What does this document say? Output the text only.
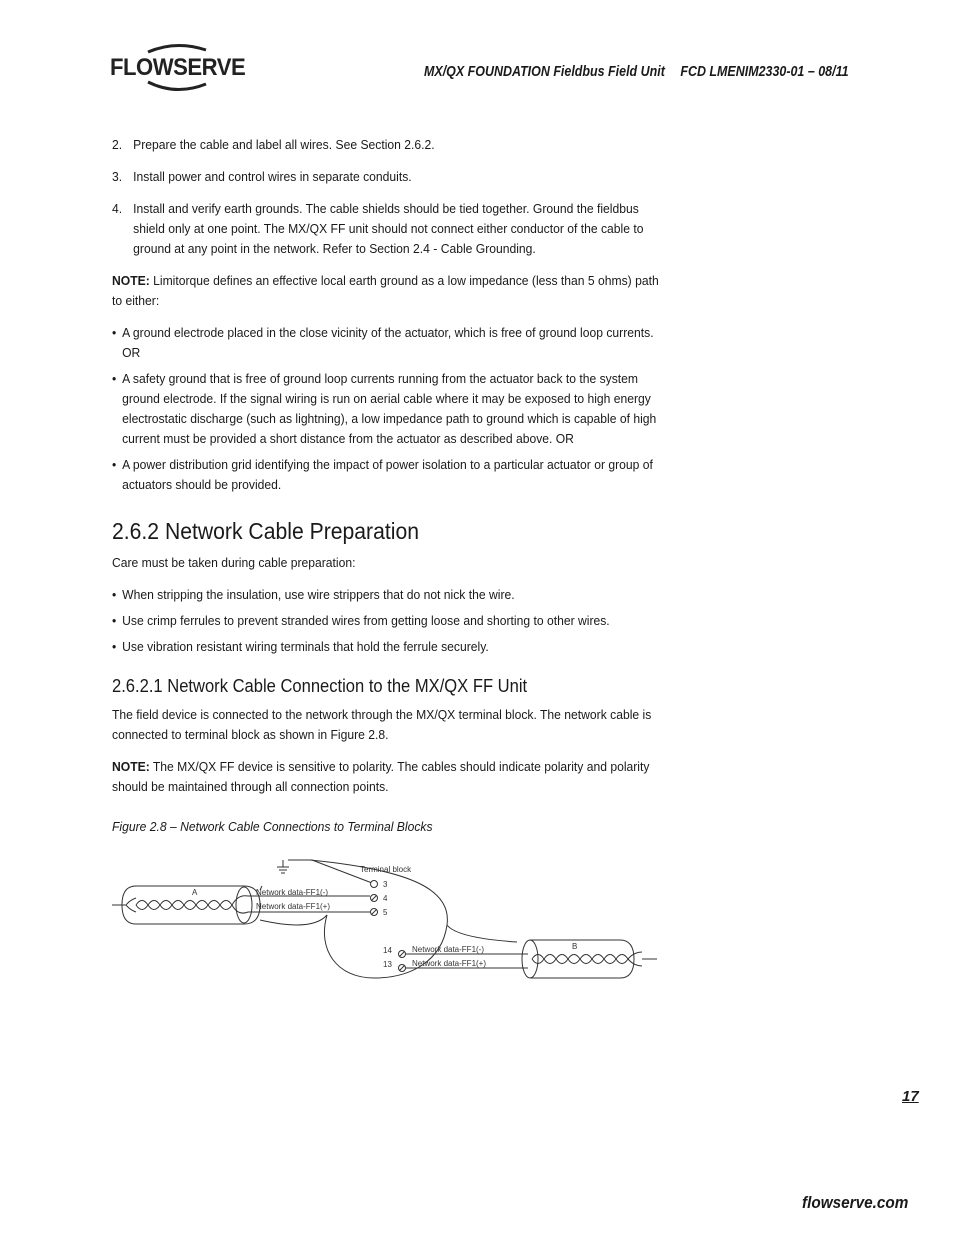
FLOWSERVE	MX/QX FOUNDATION Fieldbus Field Unit FCD LMENIM2330-01 – 08/11
2. Prepare the cable and label all wires. See Section 2.6.2.
3. Install power and control wires in separate conduits.
4. Install and verify earth grounds. The cable shields should be tied together. Ground the fieldbus shield only at one point. The MX/QX FF unit should not connect either conductor of the cable to ground at any point in the network. Refer to Section 2.4 - Cable Grounding.
NOTE: Limitorque defines an effective local earth ground as a low impedance (less than 5 ohms) path to either:
• A ground electrode placed in the close vicinity of the actuator, which is free of ground loop currents. OR
• A safety ground that is free of ground loop currents running from the actuator back to the system ground electrode. If the signal wiring is run on aerial cable where it may be exposed to high energy electrostatic discharge (such as lightning), a low impedance path to ground which is capable of high current must be provided a short distance from the actuator as described above. OR
• A power distribution grid identifying the impact of power isolation to a particular actuator or group of actuators should be provided.
2.6.2 Network Cable Preparation
Care must be taken during cable preparation:
• When stripping the insulation, use wire strippers that do not nick the wire.
• Use crimp ferrules to prevent stranded wires from getting loose and shorting to other wires.
• Use vibration resistant wiring terminals that hold the ferrule securely.
2.6.2.1 Network Cable Connection to the MX/QX FF Unit
The field device is connected to the network through the MX/QX terminal block. The network cable is connected to terminal block as shown in Figure 2.8.
NOTE: The MX/QX FF device is sensitive to polarity. The cables should indicate polarity and polarity should be maintained through all connection points.
Figure 2.8 – Network Cable Connections to Terminal Blocks
Terminal block
A
B
Network data-FF1(-)
Network data-FF1(+)
Network data-FF1(-)
Network data-FF1(+)
3
4
5
14
13
17
flowserve.com
